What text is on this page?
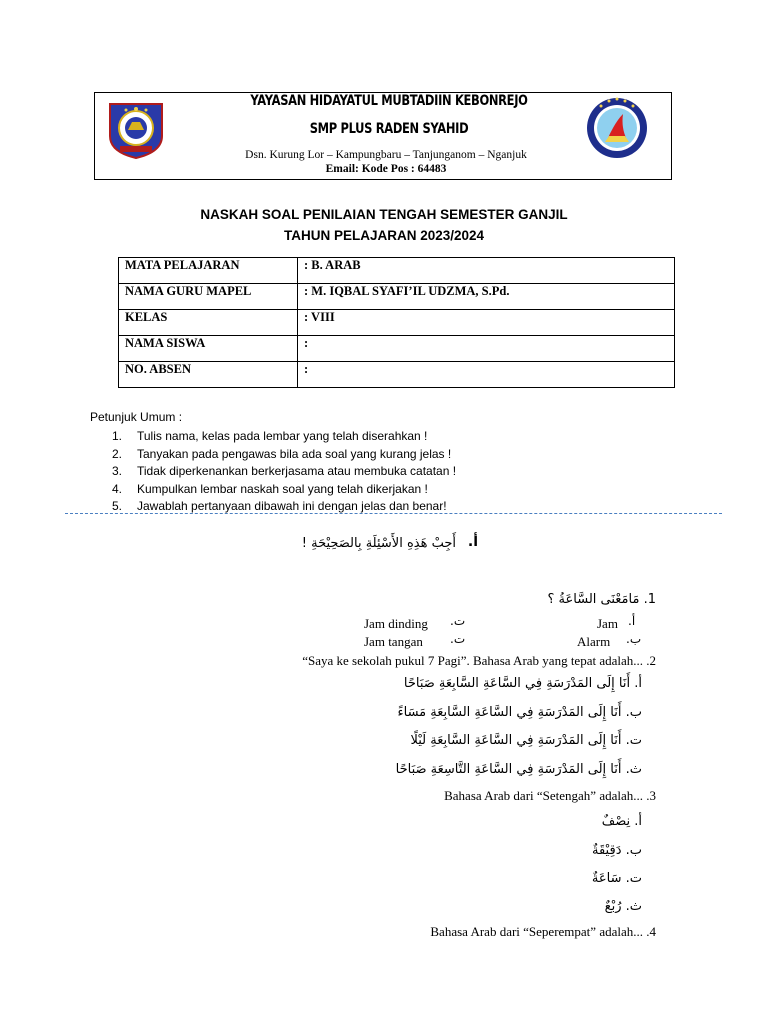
YAYASAN HIDAYATUL MUBTADIIN KEBONREJO
SMP PLUS RADEN SYAHID
Dsn. Kurung Lor – Kampungbaru – Tanjunganom – Nganjuk
Email: Kode Pos : 64483
NASKAH SOAL PENILAIAN TENGAH SEMESTER GANJIL
TAHUN PELAJARAN 2023/2024
MATA PELAJARAN	: B. ARAB
NAMA GURU MAPEL	: M. IQBAL SYAFI’IL UDZMA, S.Pd.
KELAS	: VIII
NAMA SISWA	:
NO. ABSEN	:
Petunjuk Umum :
1. Tulis nama, kelas pada lembar yang telah diserahkan !
2. Tanyakan pada pengawas bila ada soal yang kurang jelas !
3. Tidak diperkenankan berkerjasama atau membuka catatan !
4. Kumpulkan lembar naskah soal yang telah dikerjakan !
5. Jawablah pertanyaan dibawah ini dengan jelas dan benar!
أ.
أَجِبْ هَذِهِ الأَسْئِلَةِ بِالصَحِيْحَةِ !
1. مَامَعْنَى السَّاعَةُ ؟
Jam أ.
Alarm ب.
Jam dinding ت.
Jam tangan ت.
“Saya ke sekolah pukul 7 Pagi”. Bahasa Arab yang tepat adalah... .2
أ. أَنَا إِلَى المَدْرَسَةِ فِي السَّاعَةِ السَّابِعَةِ صَبَاحًا
ب. أَنَا إِلَى المَدْرَسَةِ فِي السَّاعَةِ السَّابِعَةِ مَسَاءً
ت. أَنَا إِلَى المَدْرَسَةِ فِي السَّاعَةِ السَّابِعَةِ لَيْلًا
ث. أَنَا إِلَى المَدْرَسَةِ فِي السَّاعَةِ التَّاسِعَةِ صَبَاحًا
Bahasa Arab dari “Setengah” adalah... .3
أ. نِصْفٌ
ب. دَقِيْقَةٌ
ت. سَاعَةٌ
ث. رُبْعٌ
Bahasa Arab dari “Seperempat” adalah... .4
